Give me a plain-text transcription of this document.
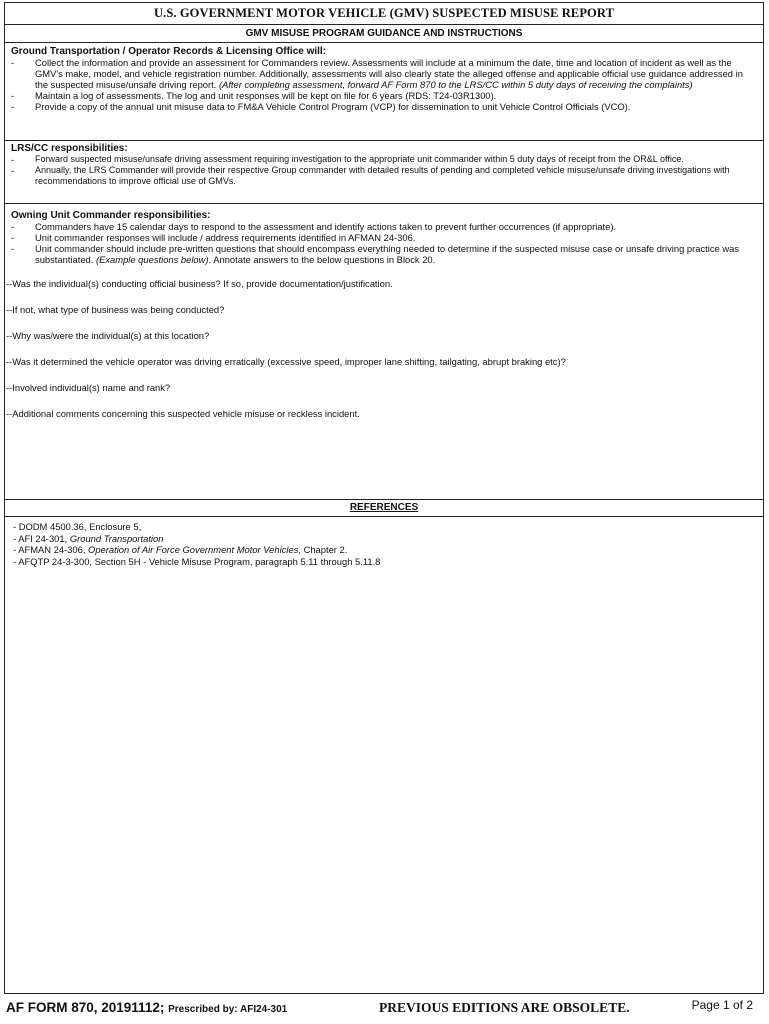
U.S. GOVERNMENT MOTOR VEHICLE (GMV) SUSPECTED MISUSE REPORT
GMV MISUSE PROGRAM GUIDANCE AND INSTRUCTIONS
Ground Transportation / Operator Records & Licensing Office will:
-	Collect the information and provide an assessment for Commanders review. Assessments will include at a minimum the date, time and location of incident as well as the GMV's make, model, and vehicle registration number. Additionally, assessments will also clearly state the alleged offense and applicable official use guidance addressed in the suspected misuse/unsafe driving report. (After completing assessment, forward AF Form 870 to the LRS/CC within 5 duty days of receiving the complaints)
-	Maintain a log of assessments. The log and unit responses will be kept on file for 6 years (RDS: T24-03R1300).
-	Provide a copy of the annual unit misuse data to FM&A Vehicle Control Program (VCP) for dissemination to unit Vehicle Control Officials (VCO).
LRS/CC responsibilities:
-	Forward suspected misuse/unsafe driving assessment requiring investigation to the appropriate unit commander within 5 duty days of receipt from the OR&L office.
-	Annually, the LRS Commander will provide their respective Group commander with detailed results of pending and completed vehicle misuse/unsafe driving investigations with recommendations to improve official use of GMVs.
Owning Unit Commander responsibilities:
-	Commanders have 15 calendar days to respond to the assessment and identify actions taken to prevent further occurrences (if appropriate).
-	Unit commander responses will include / address requirements identified in AFMAN 24-306.
-	Unit commander should include pre-written questions that should encompass everything needed to determine if the suspected misuse case or unsafe driving practice was substantiated. (Example questions below). Annotate answers to the below questions in Block 20.
--Was the individual(s) conducting official business? If so, provide documentation/justification.
--If not, what type of business was being conducted?
--Why was/were the individual(s) at this location?
--Was it determined the vehicle operator was driving erratically (excessive speed, improper lane shifting, tailgating, abrupt braking etc)?
--Involved individual(s) name and rank?
--Additional comments concerning this suspected vehicle misuse or reckless incident.
REFERENCES
- DODM 4500.36, Enclosure 5,
- AFI 24-301, Ground Transportation
- AFMAN 24-306, Operation of Air Force Government Motor Vehicles, Chapter 2.
- AFQTP 24-3-300, Section 5H - Vehicle Misuse Program, paragraph 5.11 through 5.11.8
AF FORM 870, 20191112; Prescribed by: AFI24-301	PREVIOUS EDITIONS ARE OBSOLETE.	Page 1 of 2
